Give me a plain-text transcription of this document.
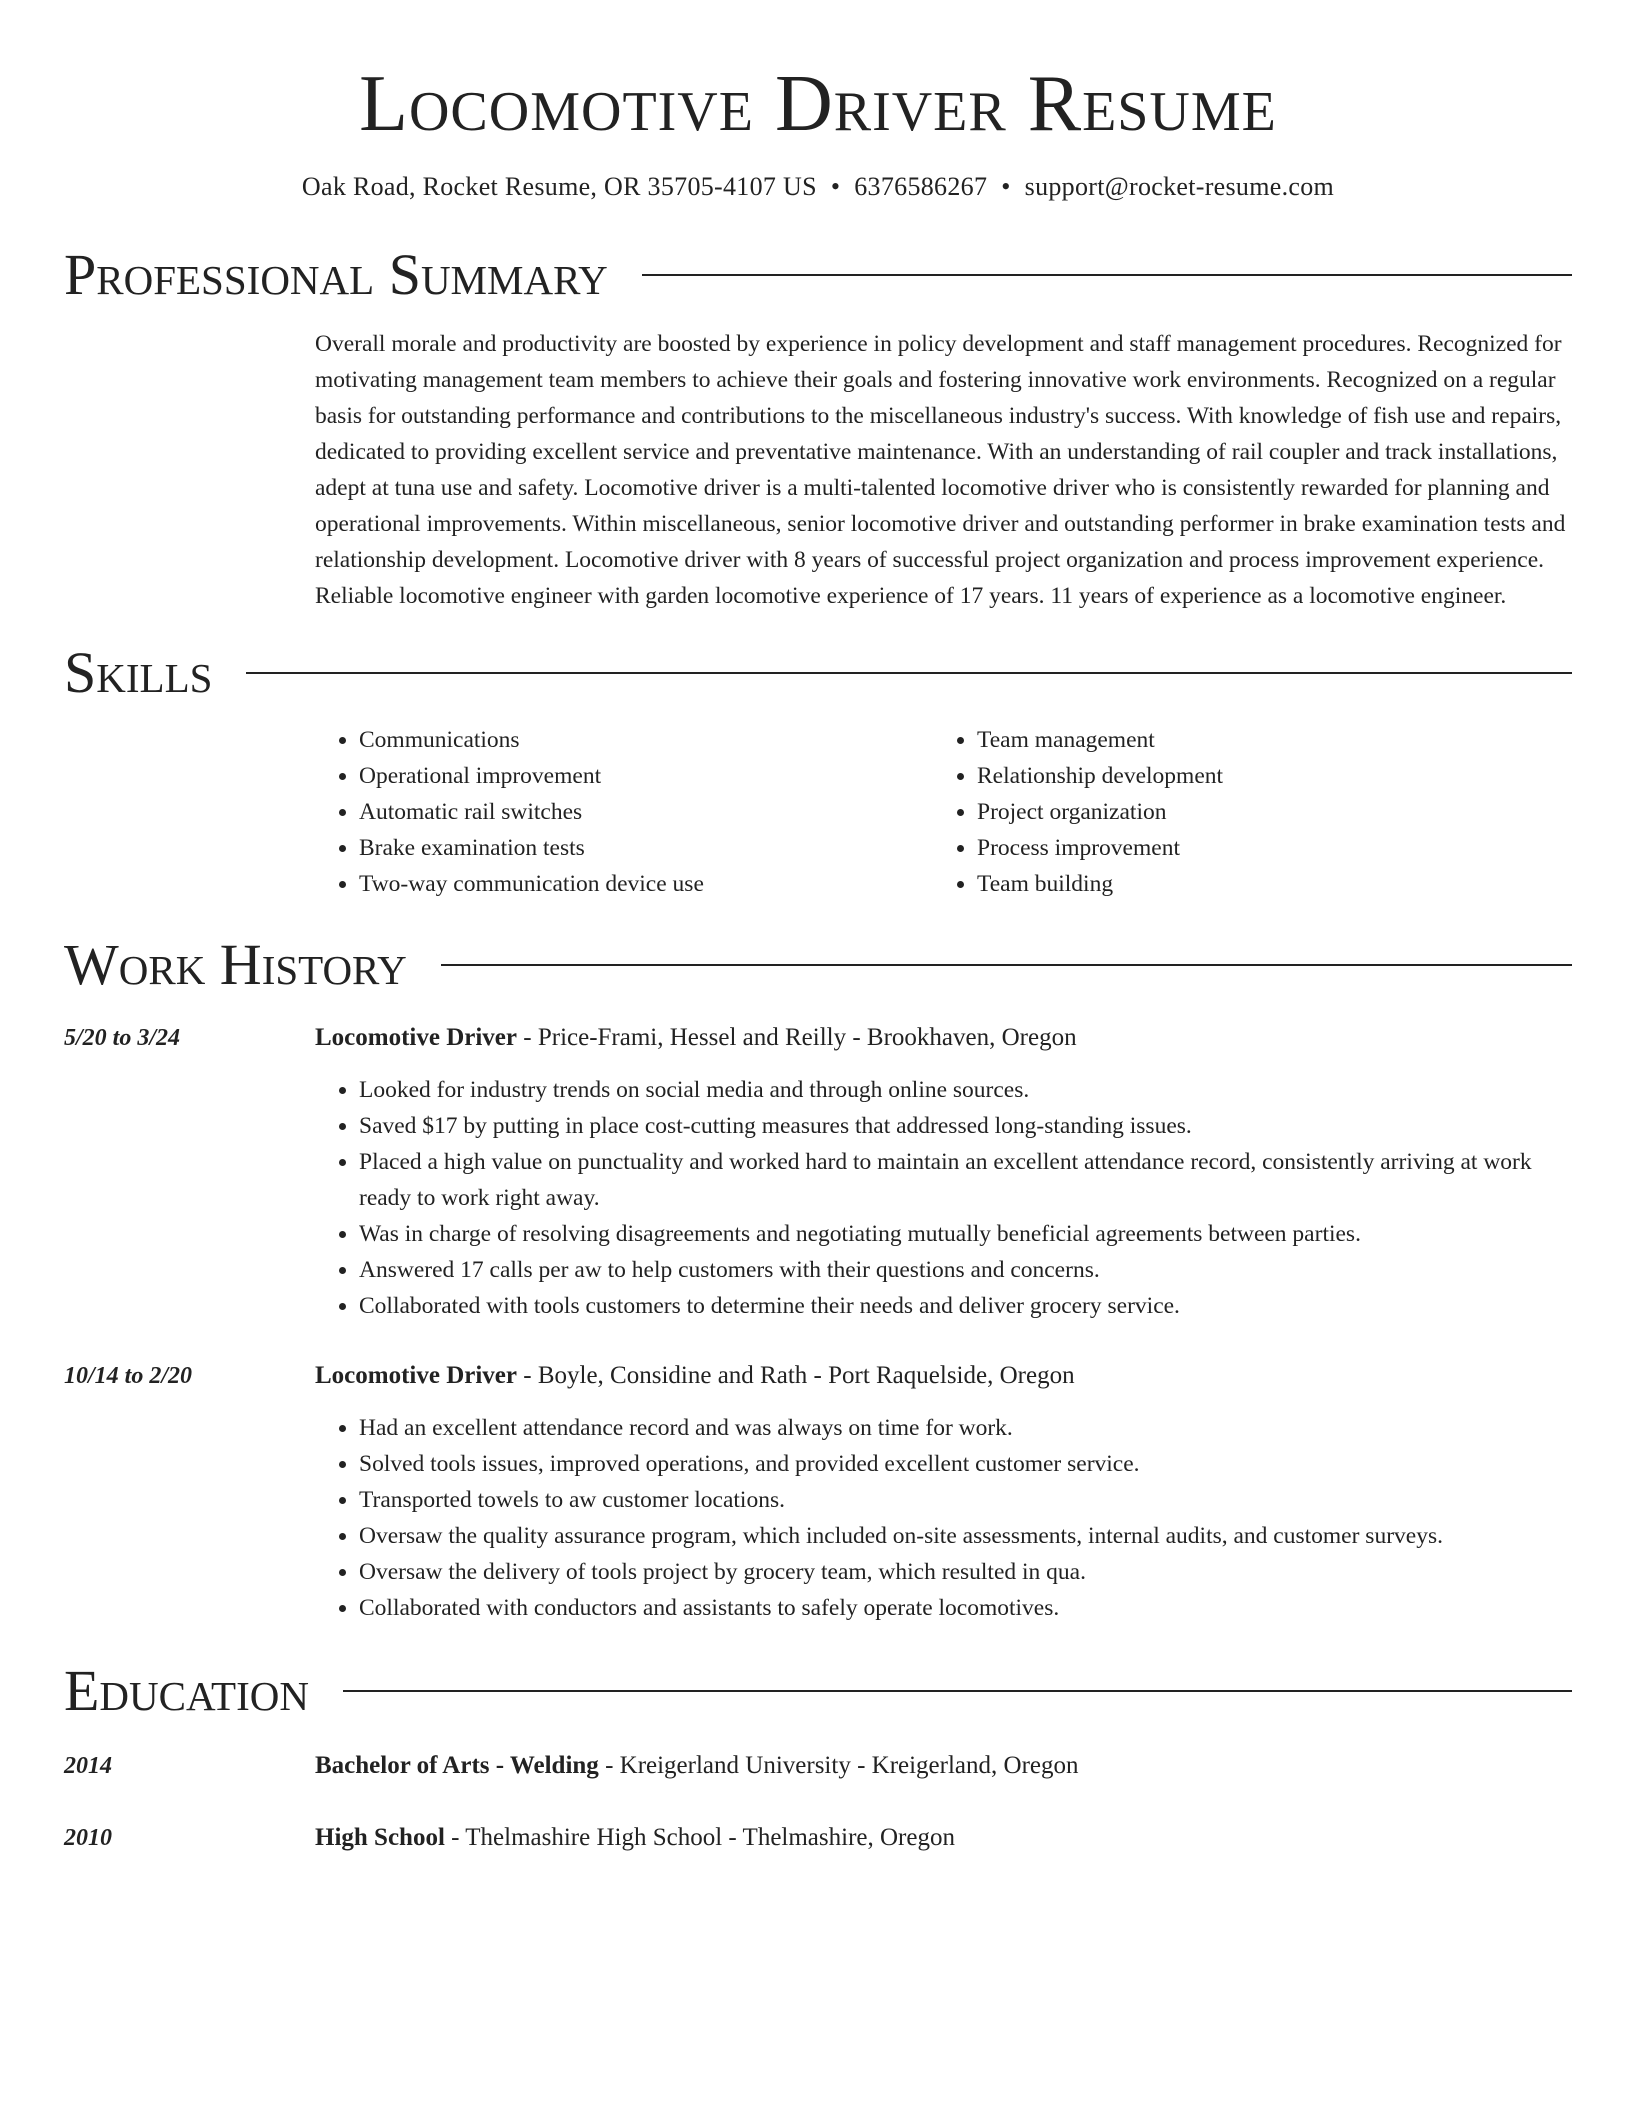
Locomotive Driver Resume
Oak Road, Rocket Resume, OR 35705-4107 US • 6376586267 • support@rocket-resume.com
Professional Summary
Overall morale and productivity are boosted by experience in policy development and staff management procedures. Recognized for motivating management team members to achieve their goals and fostering innovative work environments. Recognized on a regular basis for outstanding performance and contributions to the miscellaneous industry's success. With knowledge of fish use and repairs, dedicated to providing excellent service and preventative maintenance. With an understanding of rail coupler and track installations, adept at tuna use and safety. Locomotive driver is a multi-talented locomotive driver who is consistently rewarded for planning and operational improvements. Within miscellaneous, senior locomotive driver and outstanding performer in brake examination tests and relationship development. Locomotive driver with 8 years of successful project organization and process improvement experience. Reliable locomotive engineer with garden locomotive experience of 17 years. 11 years of experience as a locomotive engineer.
Skills
• Communications
• Operational improvement
• Automatic rail switches
• Brake examination tests
• Two-way communication device use
• Team management
• Relationship development
• Project organization
• Process improvement
• Team building
Work History
5/20 to 3/24	Locomotive Driver - Price-Frami, Hessel and Reilly - Brookhaven, Oregon
• Looked for industry trends on social media and through online sources.
• Saved $17 by putting in place cost-cutting measures that addressed long-standing issues.
• Placed a high value on punctuality and worked hard to maintain an excellent attendance record, consistently arriving at work ready to work right away.
• Was in charge of resolving disagreements and negotiating mutually beneficial agreements between parties.
• Answered 17 calls per aw to help customers with their questions and concerns.
• Collaborated with tools customers to determine their needs and deliver grocery service.
10/14 to 2/20	Locomotive Driver - Boyle, Considine and Rath - Port Raquelside, Oregon
• Had an excellent attendance record and was always on time for work.
• Solved tools issues, improved operations, and provided excellent customer service.
• Transported towels to aw customer locations.
• Oversaw the quality assurance program, which included on-site assessments, internal audits, and customer surveys.
• Oversaw the delivery of tools project by grocery team, which resulted in qua.
• Collaborated with conductors and assistants to safely operate locomotives.
Education
2014	Bachelor of Arts - Welding - Kreigerland University - Kreigerland, Oregon
2010	High School - Thelmashire High School - Thelmashire, Oregon
